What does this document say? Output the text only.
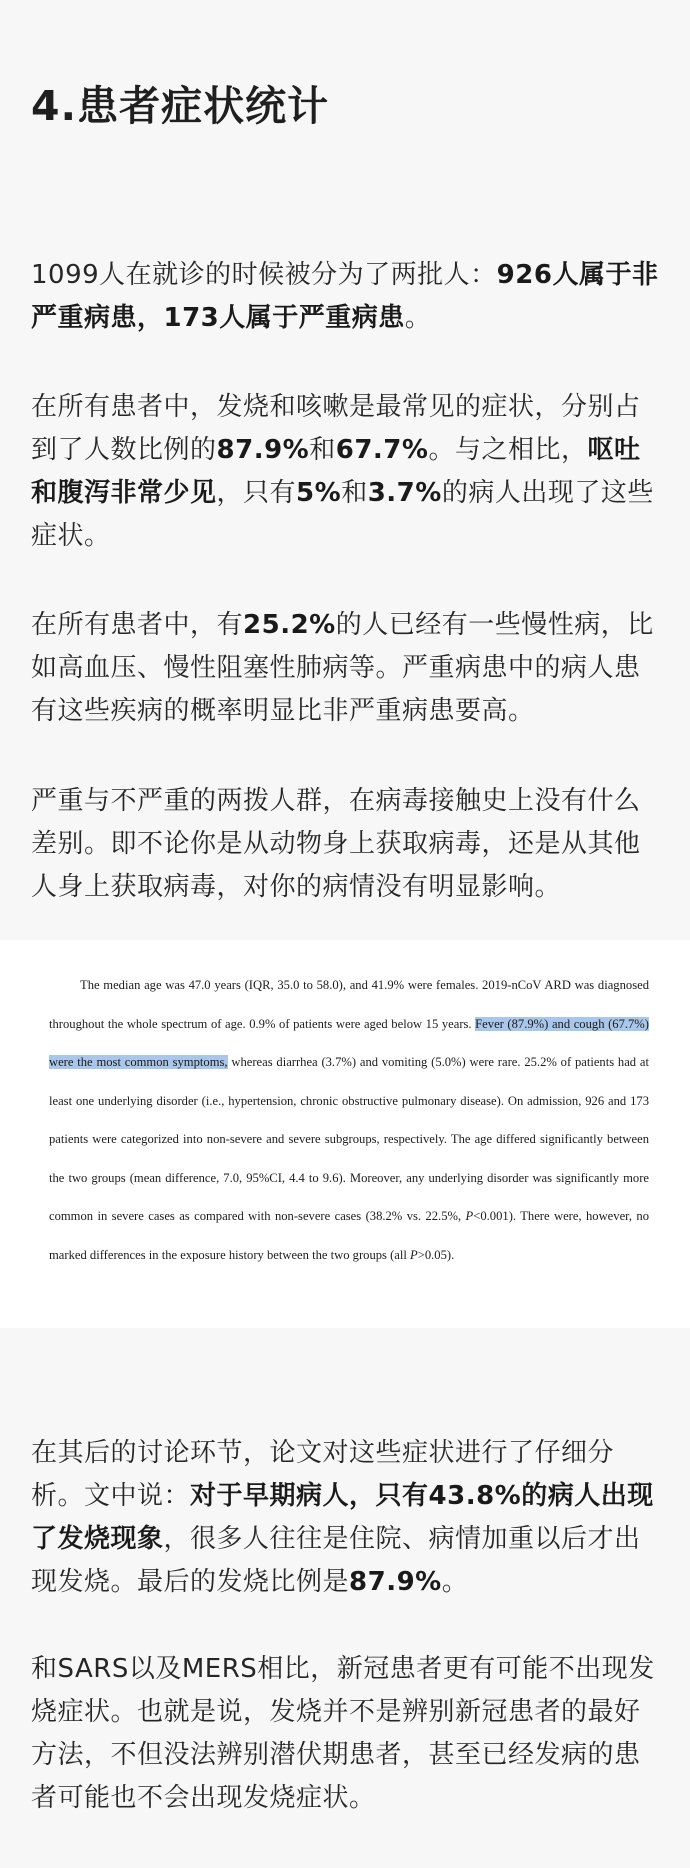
4.患者症状统计

1099人在就诊的时候被分为了两批人：926人属于非严重病患，173人属于严重病患。

在所有患者中，发烧和咳嗽是最常见的症状，分别占到了人数比例的87.9%和67.7%。与之相比，呕吐和腹泻非常少见，只有5%和3.7%的病人出现了这些症状。

在所有患者中，有25.2%的人已经有一些慢性病，比如高血压、慢性阻塞性肺病等。严重病患中的病人患有这些疾病的概率明显比非严重病患要高。

严重与不严重的两拨人群，在病毒接触史上没有什么差别。即不论你是从动物身上获取病毒，还是从其他人身上获取病毒，对你的病情没有明显影响。

The median age was 47.0 years (IQR, 35.0 to 58.0), and 41.9% were females. 2019-nCoV ARD was diagnosed throughout the whole spectrum of age. 0.9% of patients were aged below 15 years. Fever (87.9%) and cough (67.7%) were the most common symptoms, whereas diarrhea (3.7%) and vomiting (5.0%) were rare. 25.2% of patients had at least one underlying disorder (i.e., hypertension, chronic obstructive pulmonary disease). On admission, 926 and 173 patients were categorized into non-severe and severe subgroups, respectively. The age differed significantly between the two groups (mean difference, 7.0, 95%CI, 4.4 to 9.6). Moreover, any underlying disorder was significantly more common in severe cases as compared with non-severe cases (38.2% vs. 22.5%, P<0.001). There were, however, no marked differences in the exposure history between the two groups (all P>0.05).

在其后的讨论环节，论文对这些症状进行了仔细分析。文中说：对于早期病人，只有43.8%的病人出现了发烧现象，很多人往往是住院、病情加重以后才出现发烧。最后的发烧比例是87.9%。

和SARS以及MERS相比，新冠患者更有可能不出现发烧症状。也就是说，发烧并不是辨别新冠患者的最好方法，不但没法辨别潜伏期患者，甚至已经发病的患者可能也不会出现发烧症状。
